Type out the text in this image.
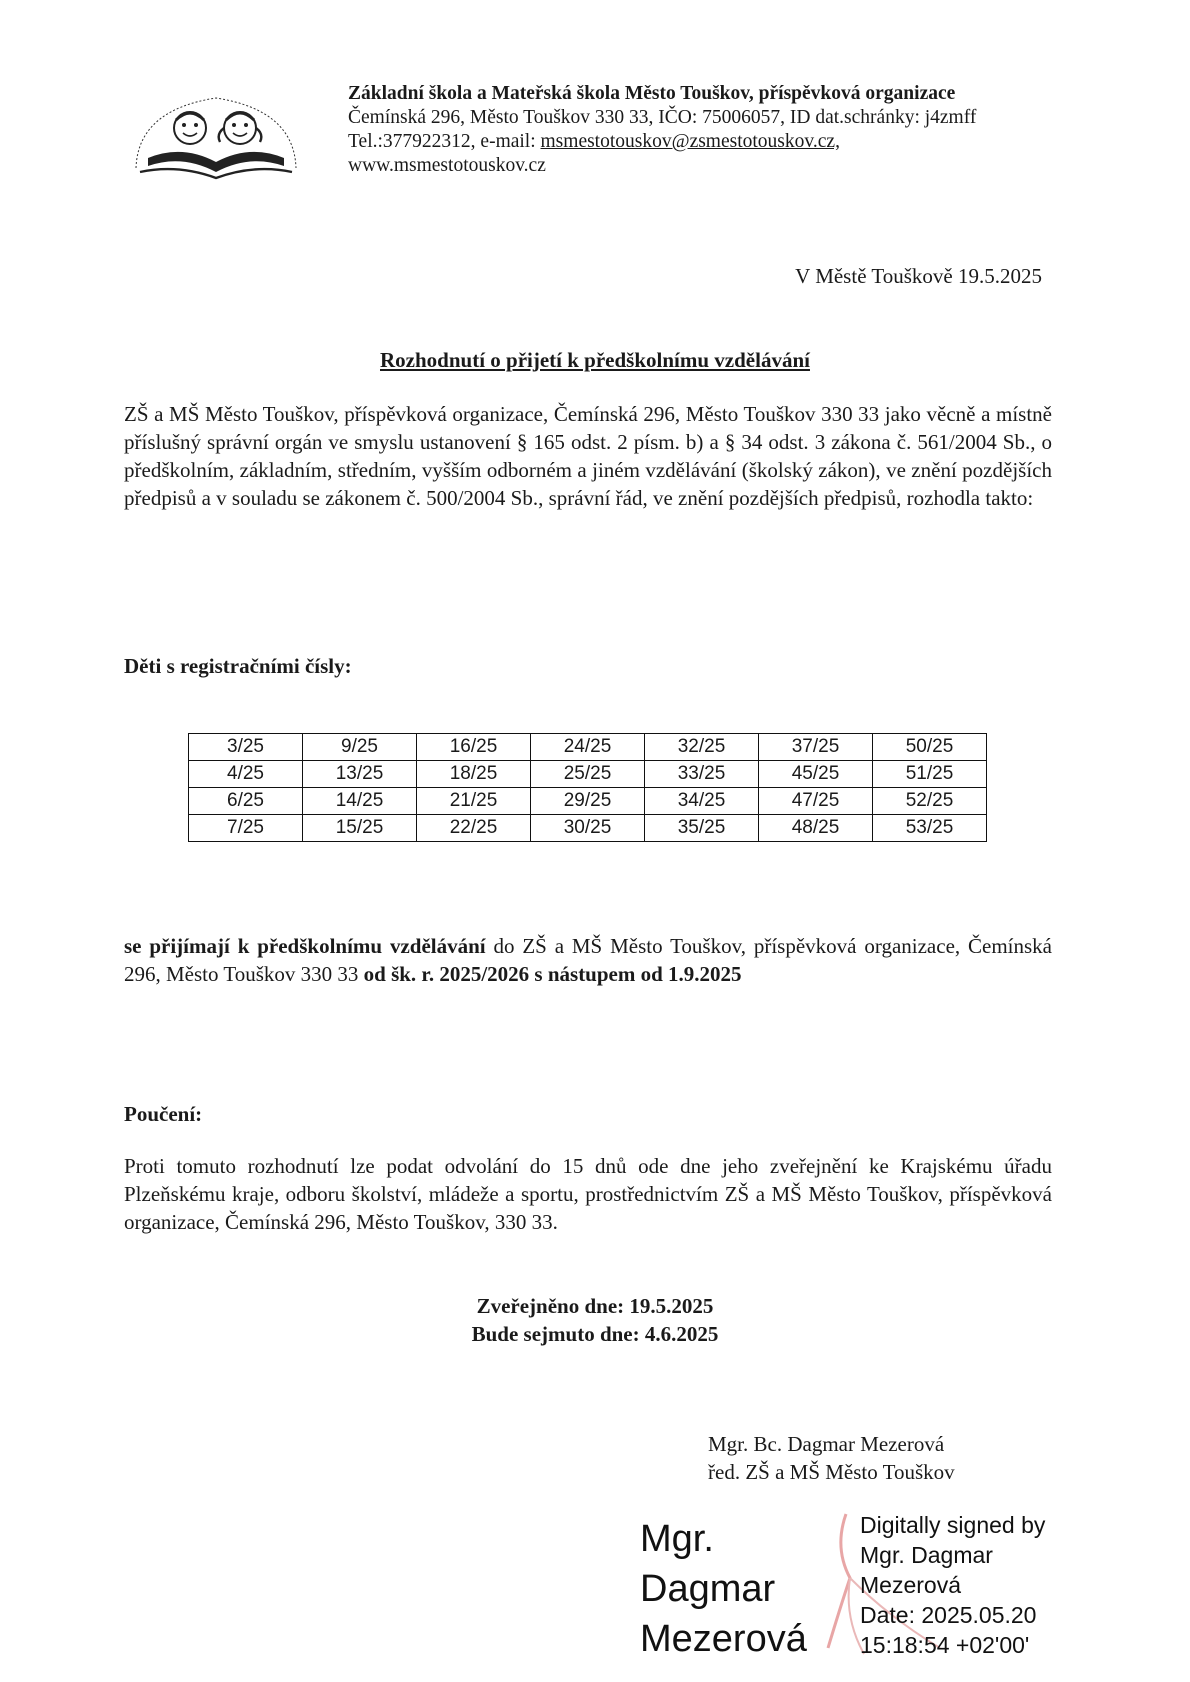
Základní škola a Mateřská škola Město Touškov, příspěvková organizace
Čemínská 296, Město Touškov 330 33, IČO: 75006057, ID dat.schránky: j4zmff
Tel.:377922312, e-mail: msmestotouskov@zsmestotouskov.cz,
www.msmestotouskov.cz
V Městě Touškově 19.5.2025
Rozhodnutí o přijetí k předškolnímu vzdělávání
ZŠ a MŠ Město Touškov, příspěvková organizace, Čemínská 296, Město Touškov 330 33 jako věcně a místně příslušný správní orgán ve smyslu ustanovení § 165 odst. 2 písm. b) a § 34 odst. 3 zákona č. 561/2004 Sb., o předškolním, základním, středním, vyšším odborném a jiném vzdělávání (školský zákon), ve znění pozdějších předpisů a v souladu se zákonem č. 500/2004 Sb., správní řád, ve znění pozdějších předpisů, rozhodla takto:
Děti s registračními čísly:
3/25	9/25	16/25	24/25	32/25	37/25	50/25
4/25	13/25	18/25	25/25	33/25	45/25	51/25
6/25	14/25	21/25	29/25	34/25	47/25	52/25
7/25	15/25	22/25	30/25	35/25	48/25	53/25
se přijímají k předškolnímu vzdělávání do ZŠ a MŠ Město Touškov, příspěvková organizace, Čemínská 296, Město Touškov 330 33 od šk. r. 2025/2026 s nástupem od 1.9.2025
Poučení:
Proti tomuto rozhodnutí lze podat odvolání do 15 dnů ode dne jeho zveřejnění ke Krajskému úřadu Plzeňskému kraje, odboru školství, mládeže a sportu, prostřednictvím ZŠ a MŠ Město Touškov, příspěvková organizace, Čemínská 296, Město Touškov, 330 33.
Zveřejněno dne: 19.5.2025
Bude sejmuto dne: 4.6.2025
Mgr. Bc. Dagmar Mezerová
řed. ZŠ a MŠ Město Touškov
Mgr.
Dagmar
Mezerová
Digitally signed by
Mgr. Dagmar
Mezerová
Date: 2025.05.20
15:18:54 +02'00'
